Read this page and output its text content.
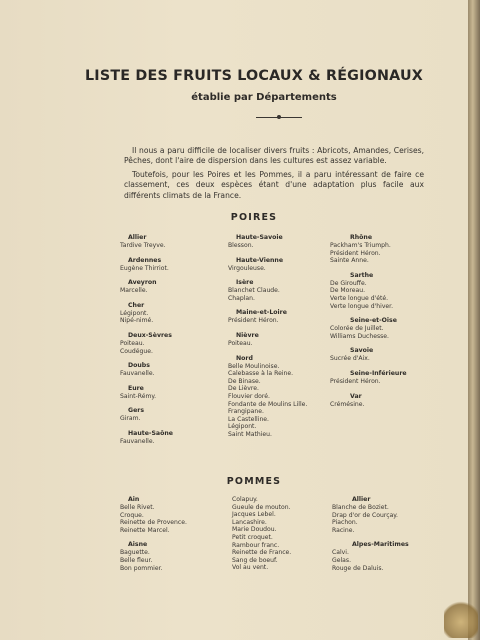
LISTE DES FRUITS LOCAUX & RÉGIONAUX
établie par Départements
Il nous a paru difficile de localiser divers fruits : Abricots, Amandes, Cerises, Pêches, dont l'aire de dispersion dans les cultures est assez variable.
Toutefois, pour les Poires et les Pommes, il a paru intéressant de faire ce classement, ces deux espèces étant d'une adaptation plus facile aux différents climats de la France.
POIRES
Allier
Tardive Treyve.
Ardennes
Eugène Thirriot.
Aveyron
Marcelle.
Cher
Légipont.
Nipé-nimé.
Deux-Sèvres
Poiteau.
Coudégue.
Doubs
Fauvanelle.
Eure
Saint-Rémy.
Gers
Giram.
Haute-Saône
Fauvanelle.
Haute-Savoie
Blesson.
Haute-Vienne
Virgouleuse.
Isère
Blanchet Claude.
Chaplan.
Maine-et-Loire
Président Héron.
Nièvre
Poiteau.
Nord
Belle Moulinoise.
Calebasse à la Reine.
De Binase.
De Lièvre.
Flouvier doré.
Fondante de Moulins Lille.
Frangipane.
La Castelline.
Légipont.
Saint Mathieu.
Rhône
Packham's Triumph.
Président Héron.
Sainte Anne.
Sarthe
De Girouffe.
De Moreau.
Verte longue d'été.
Verte longue d'hiver.
Seine-et-Oise
Colorée de Juillet.
Williams Duchesse.
Savoie
Sucrée d'Aix.
Seine-Inférieure
Président Héron.
Var
Crémésine.
POMMES
Ain
Belle Rivet.
Croque.
Reinette de Provence.
Reinette Marcel.
Aisne
Baguette.
Belle fleur.
Bon pommier.
Colapuy.
Gueule de mouton.
Jacques Lebel.
Lancashire.
Marie Doudou.
Petit croquet.
Rambour franc.
Reinette de France.
Sang de boeuf.
Vol au vent.
Allier
Blanche de Boziet.
Drap d'or de Courçay.
Piachon.
Racine.
Alpes-Maritimes
Calvi.
Gelas.
Rouge de Daluis.
